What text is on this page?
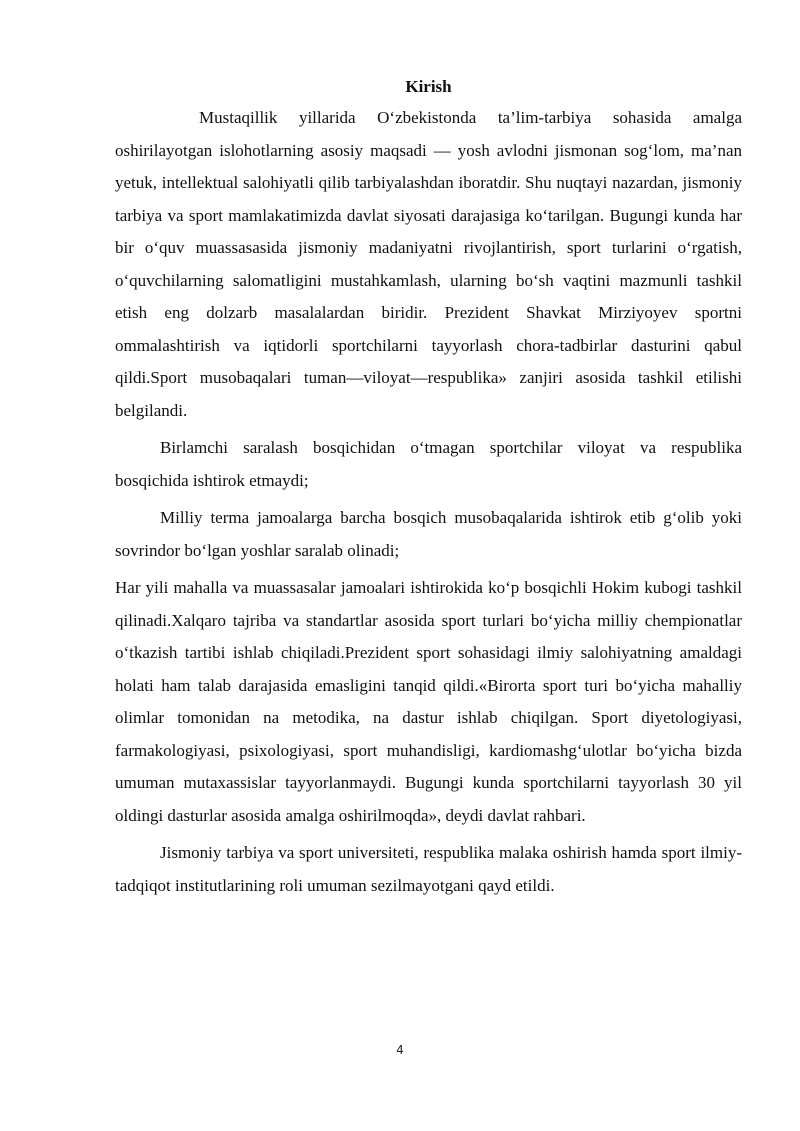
Kirish

Mustaqillik yillarida O‘zbekistonda ta’lim-tarbiya sohasida amalga oshirilayotgan islohotlarning asosiy maqsadi — yosh avlodni jismonan sog‘lom, ma’nan yetuk, intellektual salohiyatli qilib tarbiyalashdan iboratdir. Shu nuqtayi nazardan, jismoniy tarbiya va sport mamlakatimizda davlat siyosati darajasiga ko‘tarilgan. Bugungi kunda har bir o‘quv muassasasida jismoniy madaniyatni rivojlantirish, sport turlarini o‘rgatish, o‘quvchilarning salomatligini mustahkamlash, ularning bo‘sh vaqtini mazmunli tashkil etish eng dolzarb masalalardan biridir. Prezident Shavkat Mirziyoyev sportni ommalashtirish va iqtidorli sportchilarni tayyorlash chora-tadbirlar dasturini qabul qildi.Sport musobaqalari tuman—viloyat—respublika» zanjiri asosida tashkil etilishi belgilandi.

Birlamchi saralash bosqichidan o‘tmagan sportchilar viloyat va respublika bosqichida ishtirok etmaydi;

Milliy terma jamoalarga barcha bosqich musobaqalarida ishtirok etib g‘olib yoki sovrindor bo‘lgan yoshlar saralab olinadi;

Har yili mahalla va muassasalar jamoalari ishtirokida ko‘p bosqichli Hokim kubogi tashkil qilinadi.Xalqaro tajriba va standartlar asosida sport turlari bo‘yicha milliy chempionatlar o‘tkazish tartibi ishlab chiqiladi.Prezident sport sohasidagi ilmiy salohiyatning amaldagi holati ham talab darajasida emasligini tanqid qildi.«Birorta sport turi bo‘yicha mahalliy olimlar tomonidan na metodika, na dastur ishlab chiqilgan. Sport diyetologiyasi, farmakologiyasi, psixologiyasi, sport muhandisligi, kardiomashg‘ulotlar bo‘yicha bizda umuman mutaxassislar tayyorlanmaydi. Bugungi kunda sportchilarni tayyorlash 30 yil oldingi dasturlar asosida amalga oshirilmoqda», deydi davlat rahbari.

Jismoniy tarbiya va sport universiteti, respublika malaka oshirish hamda sport ilmiy-tadqiqot institutlarining roli umuman sezilmayotgani qayd etildi.

4
